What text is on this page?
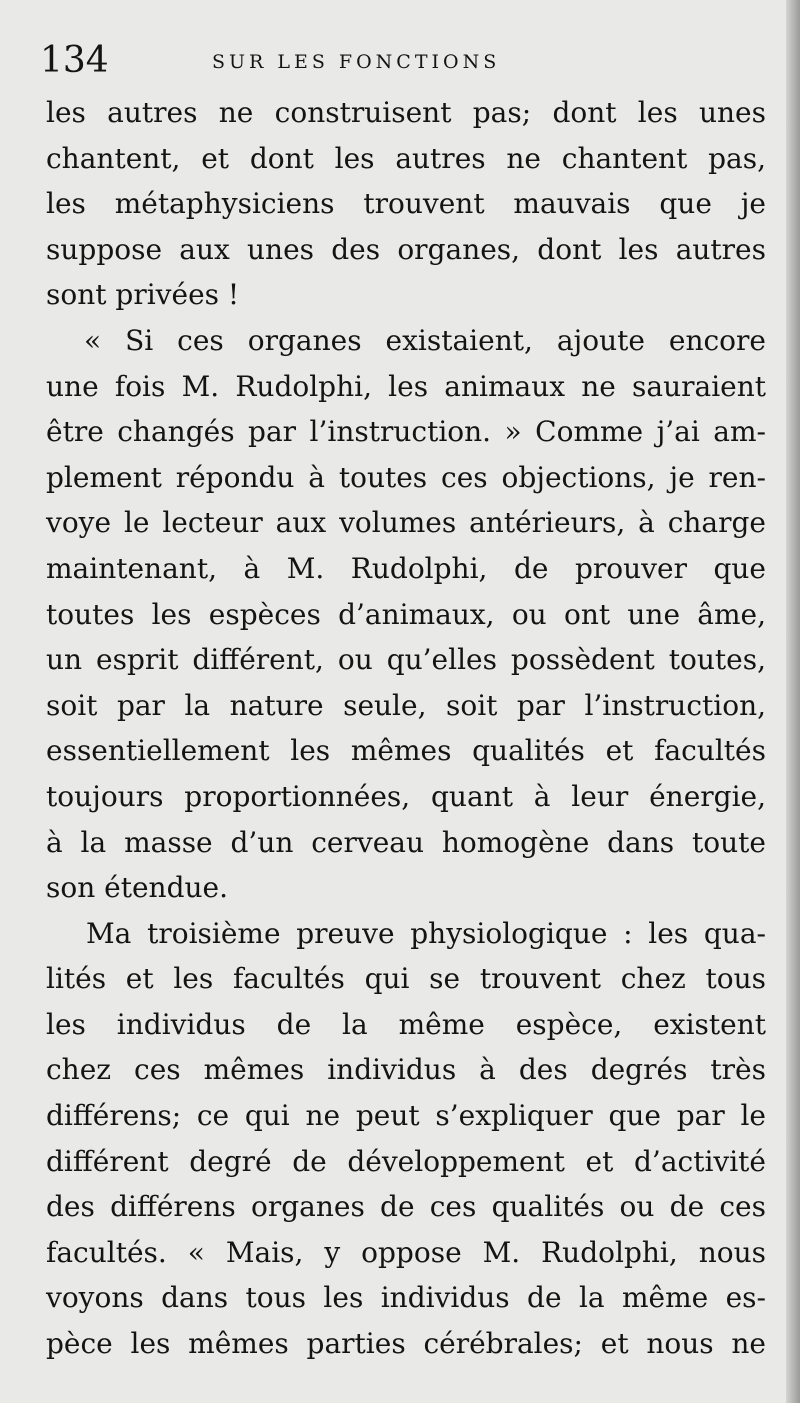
134	SUR LES FONCTIONS
les autres ne construisent pas; dont les unes
chantent, et dont les autres ne chantent pas,
les métaphysiciens trouvent mauvais que je
suppose aux unes des organes, dont les autres
sont privées !
« Si ces organes existaient, ajoute encore
une fois M. Rudolphi, les animaux ne sauraient
être changés par l’instruction. » Comme j’ai am-
plement répondu à toutes ces objections, je ren-
voye le lecteur aux volumes antérieurs, à charge
maintenant, à M. Rudolphi, de prouver que
toutes les espèces d’animaux, ou ont une âme,
un esprit différent, ou qu’elles possèdent toutes,
soit par la nature seule, soit par l’instruction,
essentiellement les mêmes qualités et facultés
toujours proportionnées, quant à leur énergie,
à la masse d’un cerveau homogène dans toute
son étendue.
Ma troisième preuve physiologique : les qua-
lités et les facultés qui se trouvent chez tous
les individus de la même espèce, existent
chez ces mêmes individus à des degrés très
différens; ce qui ne peut s’expliquer que par le
différent degré de développement et d’activité
des différens organes de ces qualités ou de ces
facultés. « Mais, y oppose M. Rudolphi, nous
voyons dans tous les individus de la même es-
pèce les mêmes parties cérébrales; et nous ne
